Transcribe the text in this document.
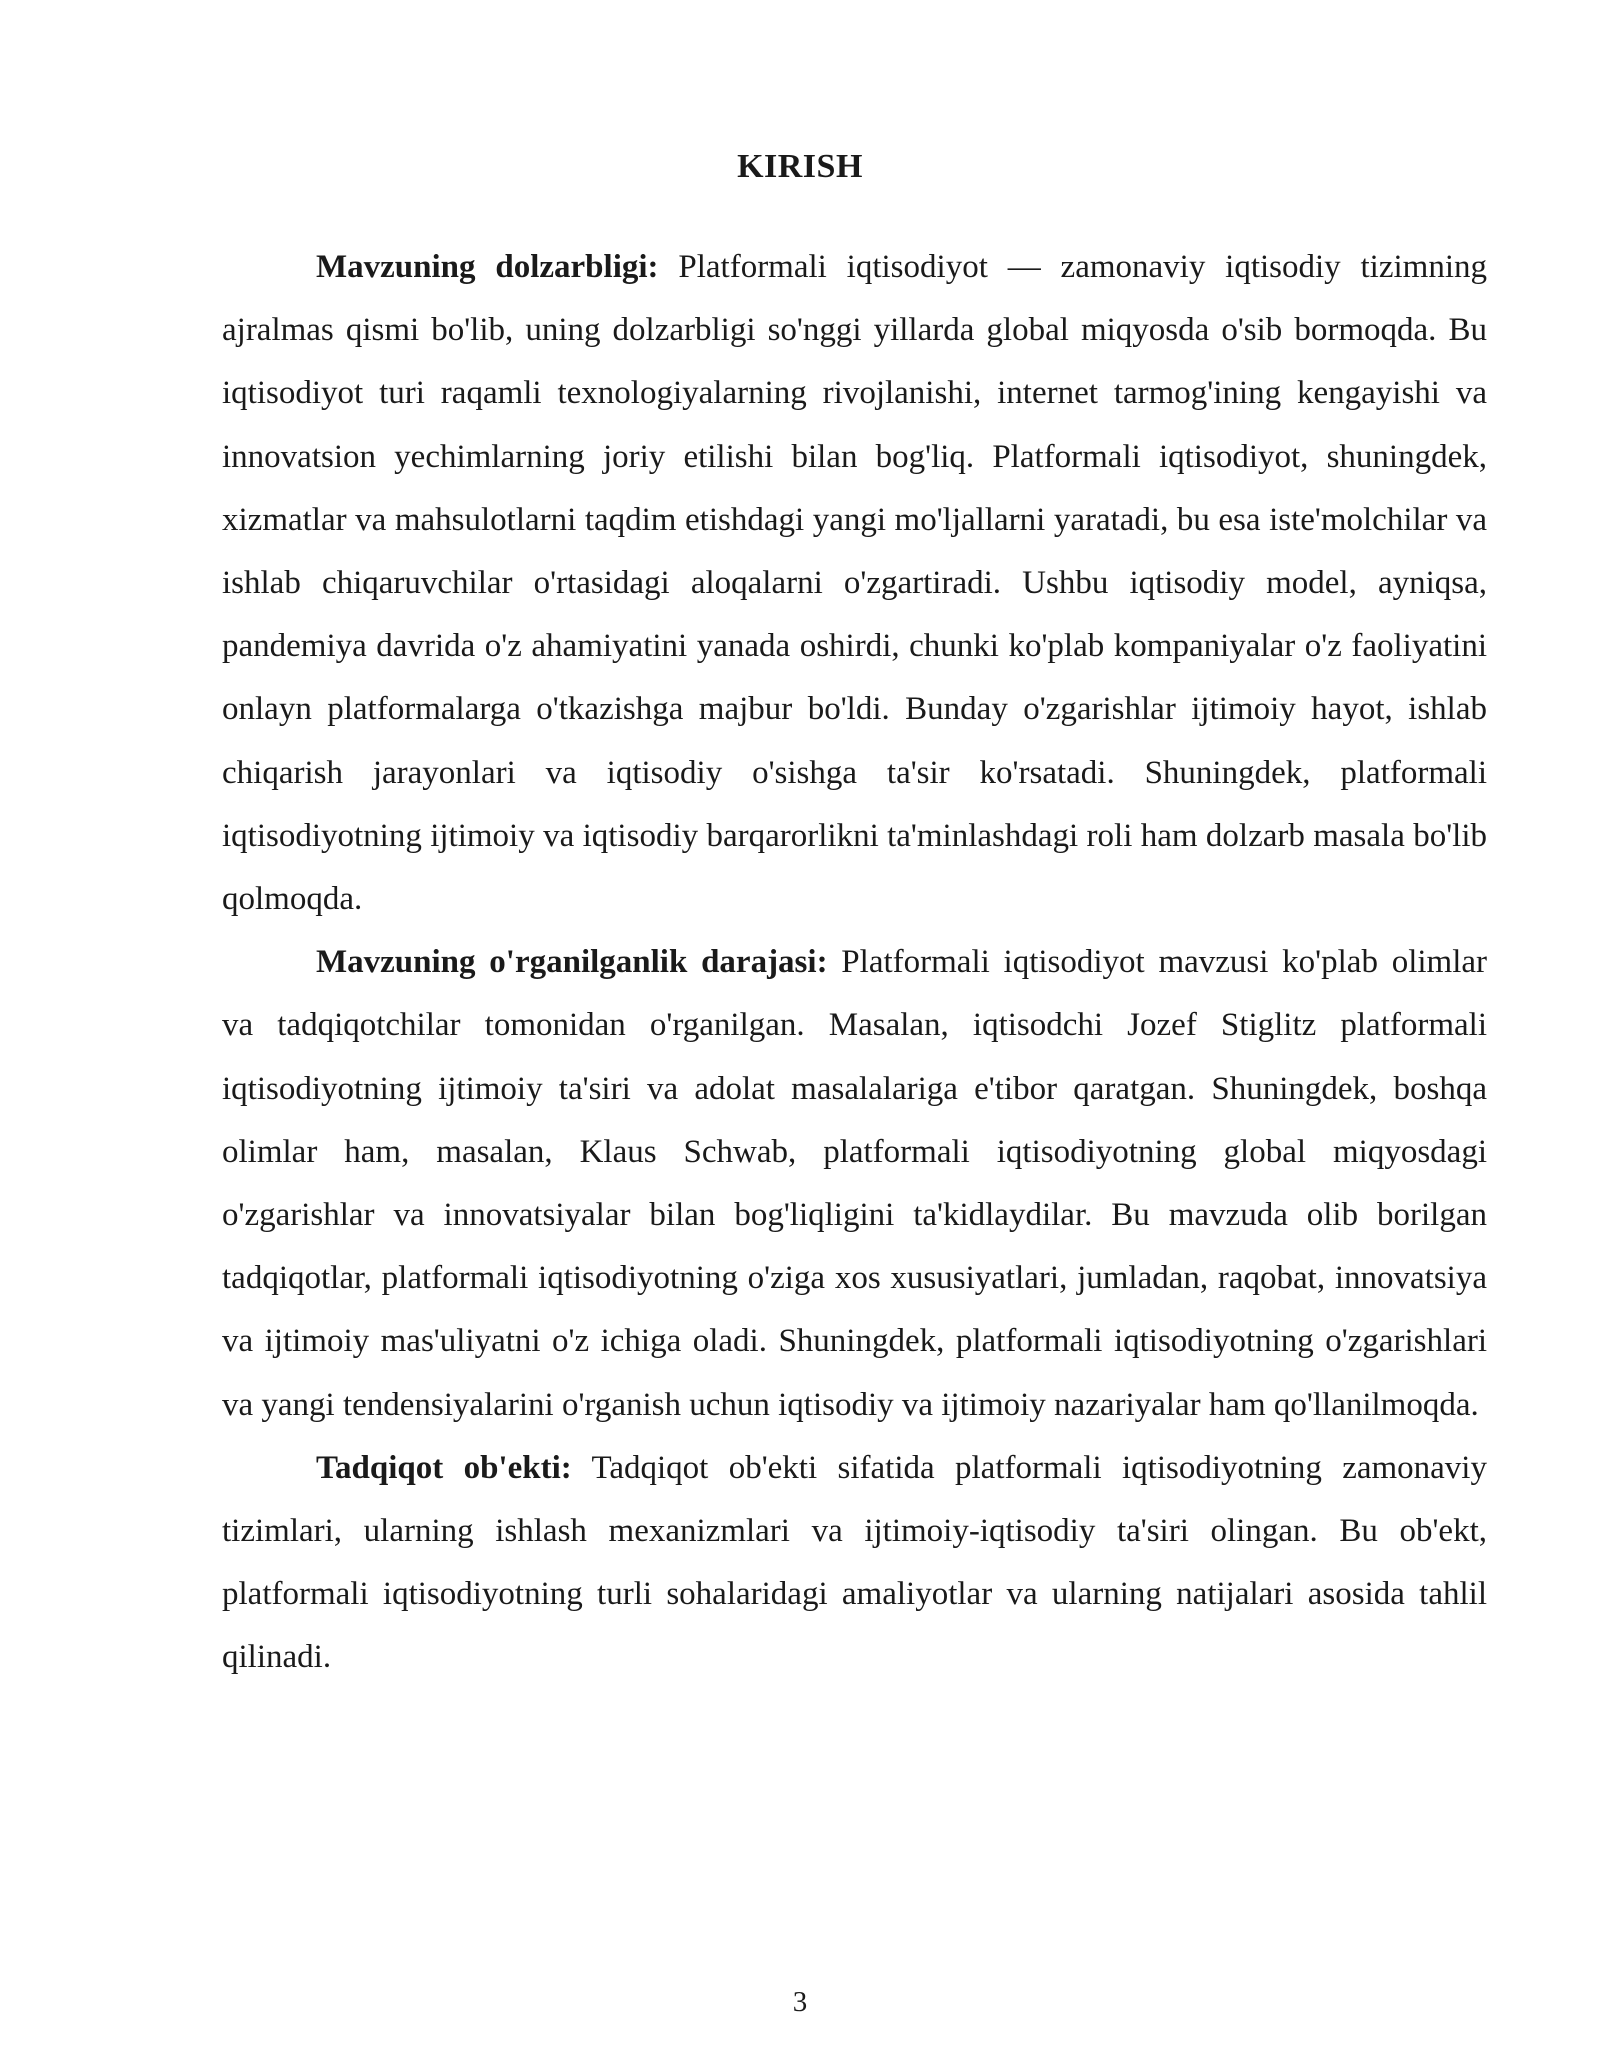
KIRISH

Mavzuning dolzarbligi: Platformali iqtisodiyot — zamonaviy iqtisodiy tizimning ajralmas qismi bo'lib, uning dolzarbligi so'nggi yillarda global miqyosda o'sib bormoqda. Bu iqtisodiyot turi raqamli texnologiyalarning rivojlanishi, internet tarmog'ining kengayishi va innovatsion yechimlarning joriy etilishi bilan bog'liq. Platformali iqtisodiyot, shuningdek, xizmatlar va mahsulotlarni taqdim etishdagi yangi mo'ljallarni yaratadi, bu esa iste'molchilar va ishlab chiqaruvchilar o'rtasidagi aloqalarni o'zgartiradi. Ushbu iqtisodiy model, ayniqsa, pandemiya davrida o'z ahamiyatini yanada oshirdi, chunki ko'plab kompaniyalar o'z faoliyatini onlayn platformalarga o'tkazishga majbur bo'ldi. Bunday o'zgarishlar ijtimoiy hayot, ishlab chiqarish jarayonlari va iqtisodiy o'sishga ta'sir ko'rsatadi. Shuningdek, platformali iqtisodiyotning ijtimoiy va iqtisodiy barqarorlikni ta'minlashdagi roli ham dolzarb masala bo'lib qolmoqda.

Mavzuning o'rganilganlik darajasi: Platformali iqtisodiyot mavzusi ko'plab olimlar va tadqiqotchilar tomonidan o'rganilgan. Masalan, iqtisodchi Jozef Stiglitz platformali iqtisodiyotning ijtimoiy ta'siri va adolat masalalariga e'tibor qaratgan. Shuningdek, boshqa olimlar ham, masalan, Klaus Schwab, platformali iqtisodiyotning global miqyosdagi o'zgarishlar va innovatsiyalar bilan bog'liqligini ta'kidlaydilar. Bu mavzuda olib borilgan tadqiqotlar, platformali iqtisodiyotning o'ziga xos xususiyatlari, jumladan, raqobat, innovatsiya va ijtimoiy mas'uliyatni o'z ichiga oladi. Shuningdek, platformali iqtisodiyotning o'zgarishlari va yangi tendensiyalarini o'rganish uchun iqtisodiy va ijtimoiy nazariyalar ham qo'llanilmoqda.

Tadqiqot ob'ekti: Tadqiqot ob'ekti sifatida platformali iqtisodiyotning zamonaviy tizimlari, ularning ishlash mexanizmlari va ijtimoiy-iqtisodiy ta'siri olingan. Bu ob'ekt, platformali iqtisodiyotning turli sohalaridagi amaliyotlar va ularning natijalari asosida tahlil qilinadi.

3
